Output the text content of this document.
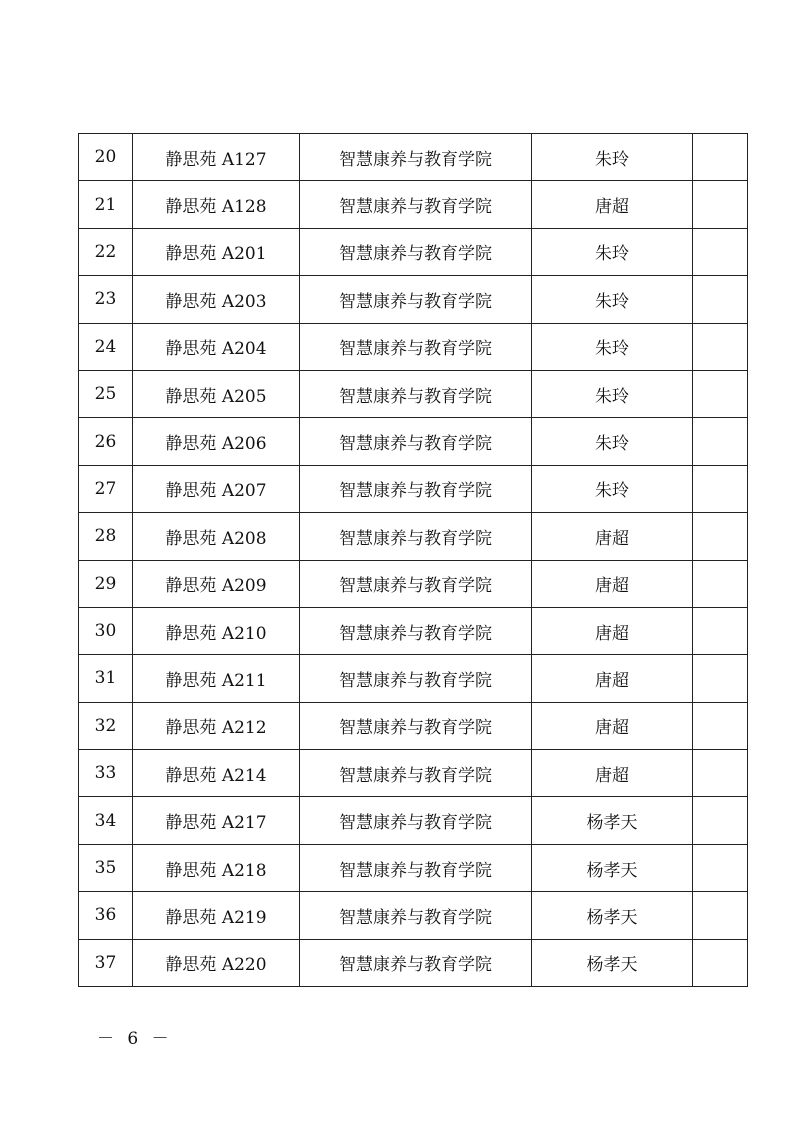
20	静思苑 A127	智慧康养与教育学院	朱玲	
21	静思苑 A128	智慧康养与教育学院	唐超	
22	静思苑 A201	智慧康养与教育学院	朱玲	
23	静思苑 A203	智慧康养与教育学院	朱玲	
24	静思苑 A204	智慧康养与教育学院	朱玲	
25	静思苑 A205	智慧康养与教育学院	朱玲	
26	静思苑 A206	智慧康养与教育学院	朱玲	
27	静思苑 A207	智慧康养与教育学院	朱玲	
28	静思苑 A208	智慧康养与教育学院	唐超	
29	静思苑 A209	智慧康养与教育学院	唐超	
30	静思苑 A210	智慧康养与教育学院	唐超	
31	静思苑 A211	智慧康养与教育学院	唐超	
32	静思苑 A212	智慧康养与教育学院	唐超	
33	静思苑 A214	智慧康养与教育学院	唐超	
34	静思苑 A217	智慧康养与教育学院	杨孝天	
35	静思苑 A218	智慧康养与教育学院	杨孝天	
36	静思苑 A219	智慧康养与教育学院	杨孝天	
37	静思苑 A220	智慧康养与教育学院	杨孝天	
－ 6 －
